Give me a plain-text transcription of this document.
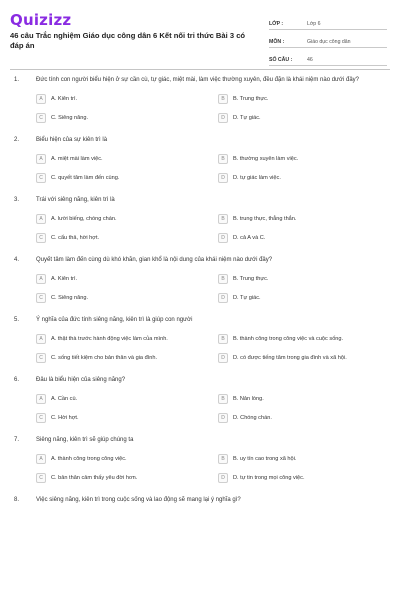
Quizizz
46 câu Trắc nghiệm Giáo dục công dân 6 Kết nối tri thức Bài 3 có đáp án
LỚP :	Lớp 6
MÔN :	Giáo dục công dân
SỐ CÂU :	46
1.	Đức tính con người biểu hiện ở sự cần cù, tự giác, miệt mài, làm việc thường xuyên, đều đặn là khái niệm nào dưới đây?
A	A. Kiên trì.	B	B. Trung thực.
C	C. Siêng năng.	D	D. Tự giác.
2.	Biểu hiện của sự kiên trì là
A	A. miệt mài làm việc.	B	B. thường xuyên làm việc.
C	C. quyết tâm làm đến cùng.	D	D. tự giác làm việc.
3.	Trái với siêng năng, kiên trì là
A	A. lười biếng, chóng chán.	B	B. trung thực, thẳng thắn.
C	C. cẩu thả, hời hợt.	D	D. cả A và C.
4.	Quyết tâm làm đến cùng dù khó khăn, gian khổ là nội dung của khái niệm nào dưới đây?
A	A. Kiên trì.	B	B. Trung thực.
C	C. Siêng năng.	D	D. Tự giác.
5.	Ý nghĩa của đức tính siêng năng, kiên trì là giúp con người
A	A. thật thà trước hành động việc làm của mình.	B	B. thành công trong công việc và cuộc sống.
C	C. sống tiết kiệm cho bản thân và gia đình.	D	D. có được tiếng tăm trong gia đình và xã hội.
6.	Đâu là biểu hiện của siêng năng?
A	A. Cần cù.	B	B. Nản lòng.
C	C. Hời hợt.	D	D. Chóng chán.
7.	Siêng năng, kiên trì sẽ giúp chúng ta
A	A. thành công trong công việc.	B	B. uy tín cao trong xã hội.
C	C. bản thân cảm thấy yêu đời hơn.	D	D. tự tin trong mọi công việc.
8.	Việc siêng năng, kiên trì trong cuộc sống và lao động sẽ mang lại ý nghĩa gì?
